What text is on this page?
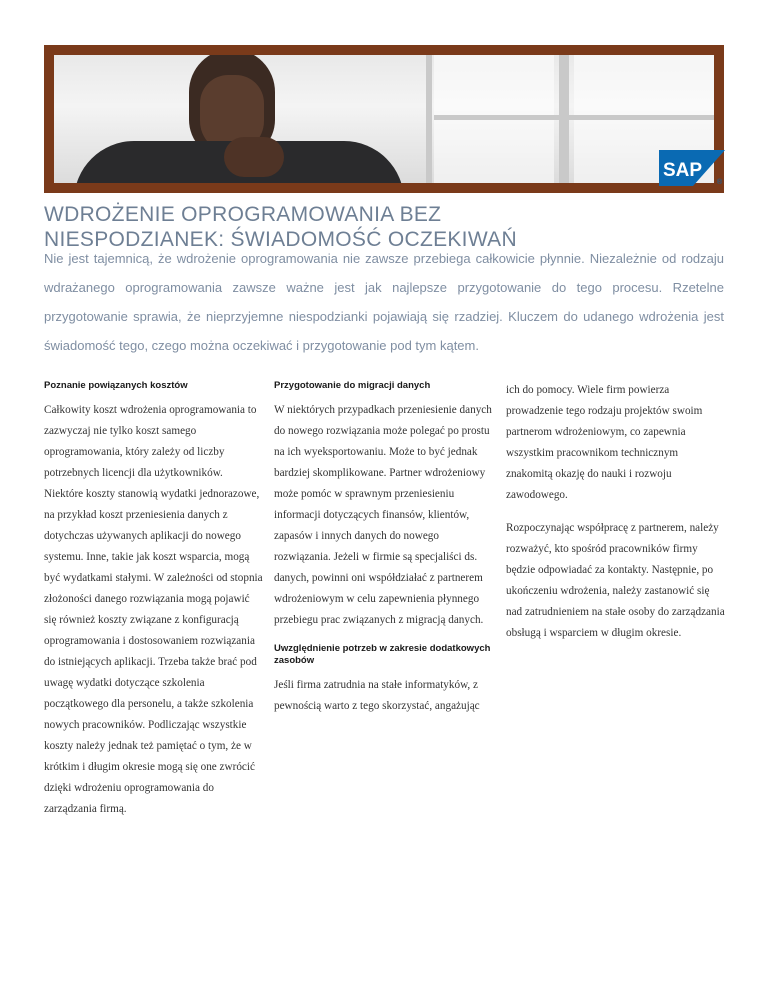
SAP
®
WDROŻENIE OPROGRAMOWANIA BEZ
NIESPODZIANEK: ŚWIADOMOŚĆ OCZEKIWAŃ

Nie jest tajemnicą, że wdrożenie oprogramowania nie zawsze przebiega całkowicie płynnie. Niezależnie od rodzaju wdrażanego oprogramowania zawsze ważne jest jak najlepsze przygotowanie do tego procesu. Rzetelne przygotowanie sprawia, że nieprzyjemne niespodzianki pojawiają się rzadziej. Kluczem do udanego wdrożenia jest świadomość tego, czego można oczekiwać i przygotowanie pod tym kątem.

Poznanie powiązanych kosztów

Całkowity koszt wdrożenia oprogramowania to zazwyczaj nie tylko koszt samego oprogramowania, który zależy od liczby potrzebnych licencji dla użytkowników. Niektóre koszty stanowią wydatki jednorazowe, na przykład koszt przeniesienia danych z dotychczas używanych aplikacji do nowego systemu. Inne, takie jak koszt wsparcia, mogą być wydatkami stałymi. W zależności od stopnia złożoności danego rozwiązania mogą pojawić się również koszty związane z konfiguracją oprogramowania i dostosowaniem rozwiązania do istniejących aplikacji. Trzeba także brać pod uwagę wydatki dotyczące szkolenia początkowego dla personelu, a także szkolenia nowych pracowników. Podliczając wszystkie koszty należy jednak też pamiętać o tym, że w krótkim i długim okresie mogą się one zwrócić dzięki wdrożeniu oprogramowania do zarządzania firmą.

Przygotowanie do migracji danych

W niektórych przypadkach przeniesienie danych do nowego rozwiązania może polegać po prostu na ich wyeksportowaniu. Może to być jednak bardziej skomplikowane. Partner wdrożeniowy może pomóc w sprawnym przeniesieniu informacji dotyczących finansów, klientów, zapasów i innych danych do nowego rozwiązania. Jeżeli w firmie są specjaliści ds. danych, powinni oni współdziałać z partnerem wdrożeniowym w celu zapewnienia płynnego przebiegu prac związanych z migracją danych.

Uwzględnienie potrzeb w zakresie dodatkowych zasobów

Jeśli firma zatrudnia na stałe informatyków, z pewnością warto z tego skorzystać, angażując

ich do pomocy. Wiele firm powierza prowadzenie tego rodzaju projektów swoim partnerom wdrożeniowym, co zapewnia wszystkim pracownikom technicznym znakomitą okazję do nauki i rozwoju zawodowego.

Rozpoczynając współpracę z partnerem, należy rozważyć, kto spośród pracowników firmy będzie odpowiadać za kontakty. Następnie, po ukończeniu wdrożenia, należy zastanowić się nad zatrudnieniem na stałe osoby do zarządzania obsługą i wsparciem w długim okresie.
